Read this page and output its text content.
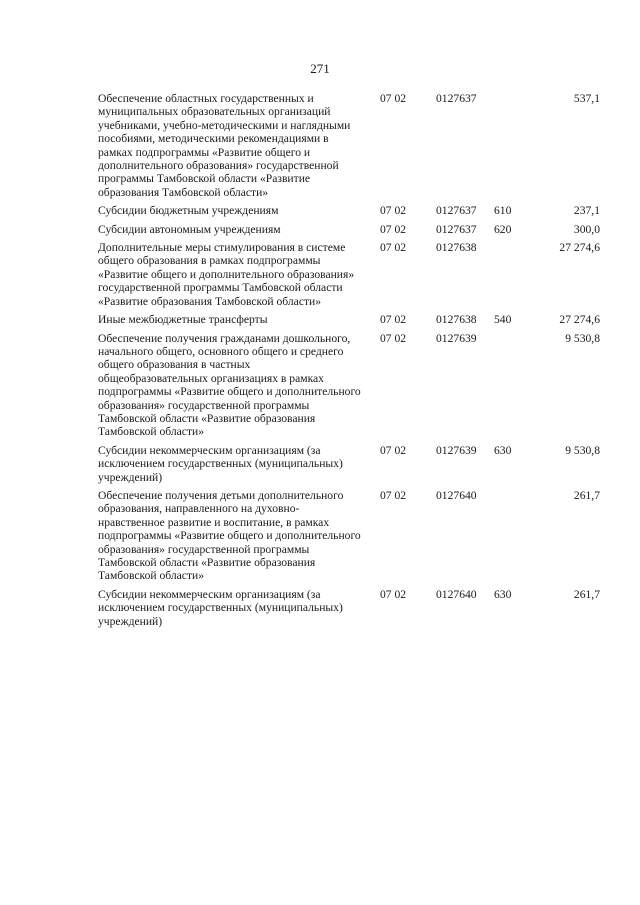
271
Обеспечение областных государственных и муниципальных образовательных организаций учебниками, учебно-методическими и наглядными пособиями, методическими рекомендациями в рамках подпрограммы «Развитие общего и дополнительного образования» государственной программы Тамбовской области «Развитие образования Тамбовской области»	07 02	0127637		537,1
Субсидии бюджетным учреждениям	07 02	0127637	610	237,1
Субсидии автономным учреждениям	07 02	0127637	620	300,0
Дополнительные меры стимулирования в системе общего образования в рамках подпрограммы «Развитие общего и дополнительного образования» государственной программы Тамбовской области «Развитие образования Тамбовской области»	07 02	0127638		27 274,6
Иные межбюджетные трансферты	07 02	0127638	540	27 274,6
Обеспечение получения гражданами дошкольного, начального общего, основного общего и среднего общего образования в частных общеобразовательных организациях в рамках подпрограммы «Развитие общего и дополнительного образования» государственной программы Тамбовской области «Развитие образования Тамбовской области»	07 02	0127639		9 530,8
Субсидии некоммерческим организациям (за исключением государственных (муниципальных) учреждений)	07 02	0127639	630	9 530,8
Обеспечение получения детьми дополнительного образования, направленного на духовно-нравственное развитие и воспитание, в рамках подпрограммы «Развитие общего и дополнительного образования» государственной программы Тамбовской области «Развитие образования Тамбовской области»	07 02	0127640		261,7
Субсидии некоммерческим организациям (за исключением государственных (муниципальных) учреждений)	07 02	0127640	630	261,7
